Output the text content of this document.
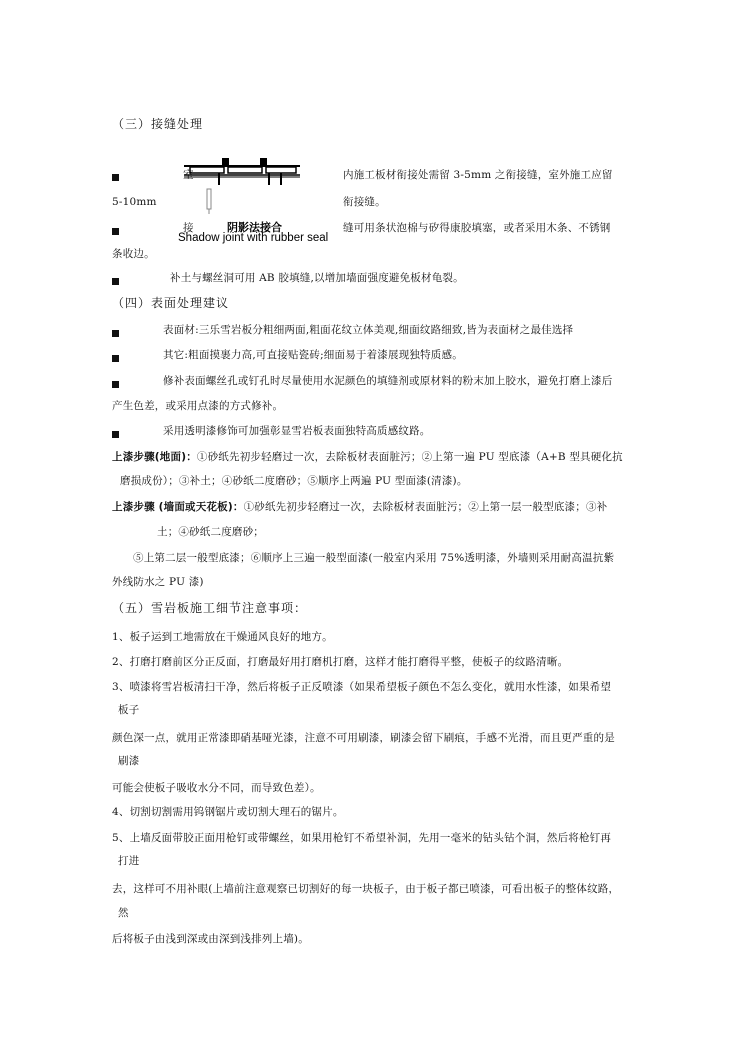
（三）接缝处理
室	内施工板材衔接处需留 3-5mm 之衔接缝，室外施工应留
5-10mm	衔接缝。
阴影法接合
Shadow joint with rubber seal
接	缝可用条状泡棉与矽得康胶填塞，或者采用木条、不锈钢
条收边。
补土与螺丝洞可用 AB 胶填缝,以增加墙面强度避免板材龟裂。
（四）表面处理建议
表面材:三乐雪岩板分粗细两面,粗面花纹立体美观,细面纹路细致,皆为表面材之最佳选择
其它:粗面摸裹力高,可直接贴瓷砖;细面易于着漆展现独特质感。
修补表面螺丝孔或钉孔时尽量使用水泥颜色的填缝剂或原材料的粉末加上胶水，避免打磨上漆后
产生色差，或采用点漆的方式修补。
采用透明漆修饰可加强彰显雪岩板表面独特高质感纹路。
上漆步骤(地面)：①砂纸先初步轻磨过一次，去除板材表面脏污；②上第一遍 PU 型底漆（A+B 型具硬化抗
磨损成份）；③补土；④砂纸二度磨砂；⑤顺序上两遍 PU 型面漆(清漆)。
上漆步骤 (墙面或天花板)：①砂纸先初步轻磨过一次，去除板材表面脏污；②上第一层一般型底漆；③补
土；④砂纸二度磨砂；
⑤上第二层一般型底漆；⑥顺序上三遍一般型面漆(一般室内采用 75%透明漆，外墙则采用耐高温抗紫
外线防水之 PU 漆)
（五）雪岩板施工细节注意事项：
1、板子运到工地需放在干燥通风良好的地方。
2、打磨打磨前区分正反面，打磨最好用打磨机打磨，这样才能打磨得平整，使板子的纹路清晰。
3、喷漆将雪岩板清扫干净，然后将板子正反喷漆（如果希望板子颜色不怎么变化，就用水性漆，如果希望
板子
颜色深一点，就用正常漆即硝基哑光漆，注意不可用刷漆，刷漆会留下刷痕，手感不光滑，而且更严重的是
刷漆
可能会使板子吸收水分不同，而导致色差）。
4、切割切割需用钨钢锯片或切割大理石的锯片。
5、上墙反面带胶正面用枪钉或带螺丝，如果用枪钉不希望补洞，先用一毫米的钻头钻个洞，然后将枪钉再
打进
去，这样可不用补眼(上墙前注意观察已切割好的每一块板子，由于板子都已喷漆，可看出板子的整体纹路，
然
后将板子由浅到深或由深到浅排列上墙)。
